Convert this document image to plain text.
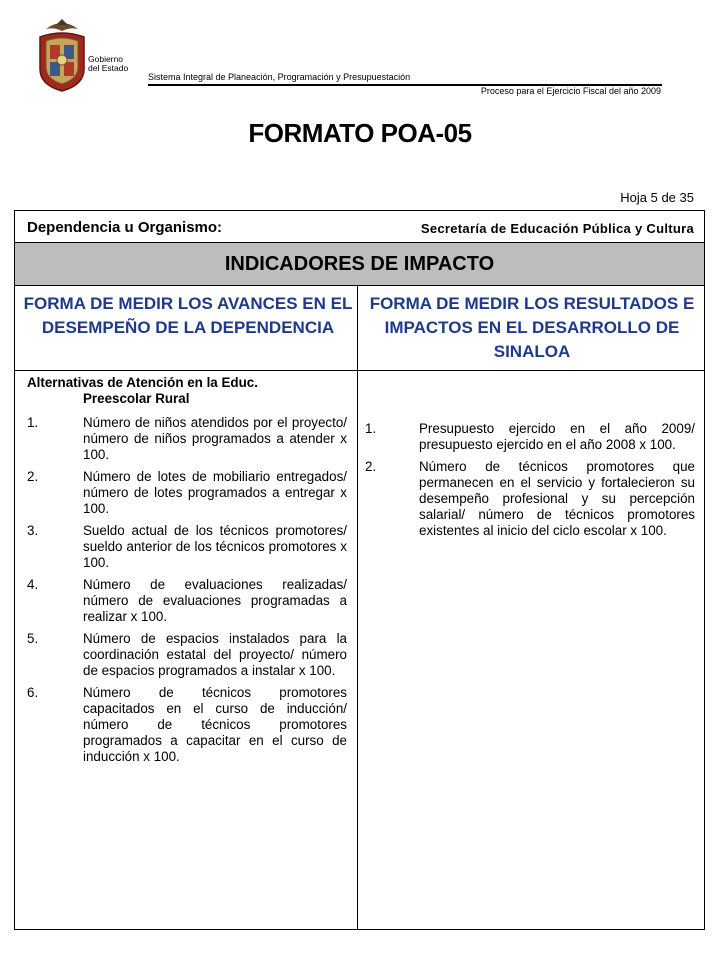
Gobierno
del Estado
Sistema Integral de Planeación, Programación y Presupuestación
Proceso para el Ejercicio Fiscal del año 2009
FORMATO POA-05
Hoja 5 de 35
Dependencia u Organismo:	Secretaría de Educación Pública y Cultura
INDICADORES DE IMPACTO
FORMA DE MEDIR LOS AVANCES EN EL DESEMPEÑO DE LA DEPENDENCIA
FORMA DE MEDIR LOS RESULTADOS E IMPACTOS EN EL DESARROLLO DE SINALOA
Alternativas de Atención en la Educ.
Preescolar Rural
1.	Número de niños atendidos por el proyecto/ número de niños programados a atender x 100.
2.	Número de lotes de mobiliario entregados/ número de lotes programados a entregar x 100.
3.	Sueldo actual de los técnicos promotores/ sueldo anterior de los técnicos promotores x 100.
4.	Número de evaluaciones realizadas/ número de evaluaciones programadas a realizar x 100.
5.	Número de espacios instalados para la coordinación estatal del proyecto/ número de espacios programados a instalar x 100.
6.	Número de técnicos promotores capacitados en el curso de inducción/ número de técnicos promotores programados a capacitar en el curso de inducción x 100.
1.	Presupuesto ejercido en el año 2009/ presupuesto ejercido en el año 2008 x 100.
2.	Número de técnicos promotores que permanecen en el servicio y fortalecieron su desempeño profesional y su percepción salarial/ número de técnicos promotores existentes al inicio del ciclo escolar x 100.
